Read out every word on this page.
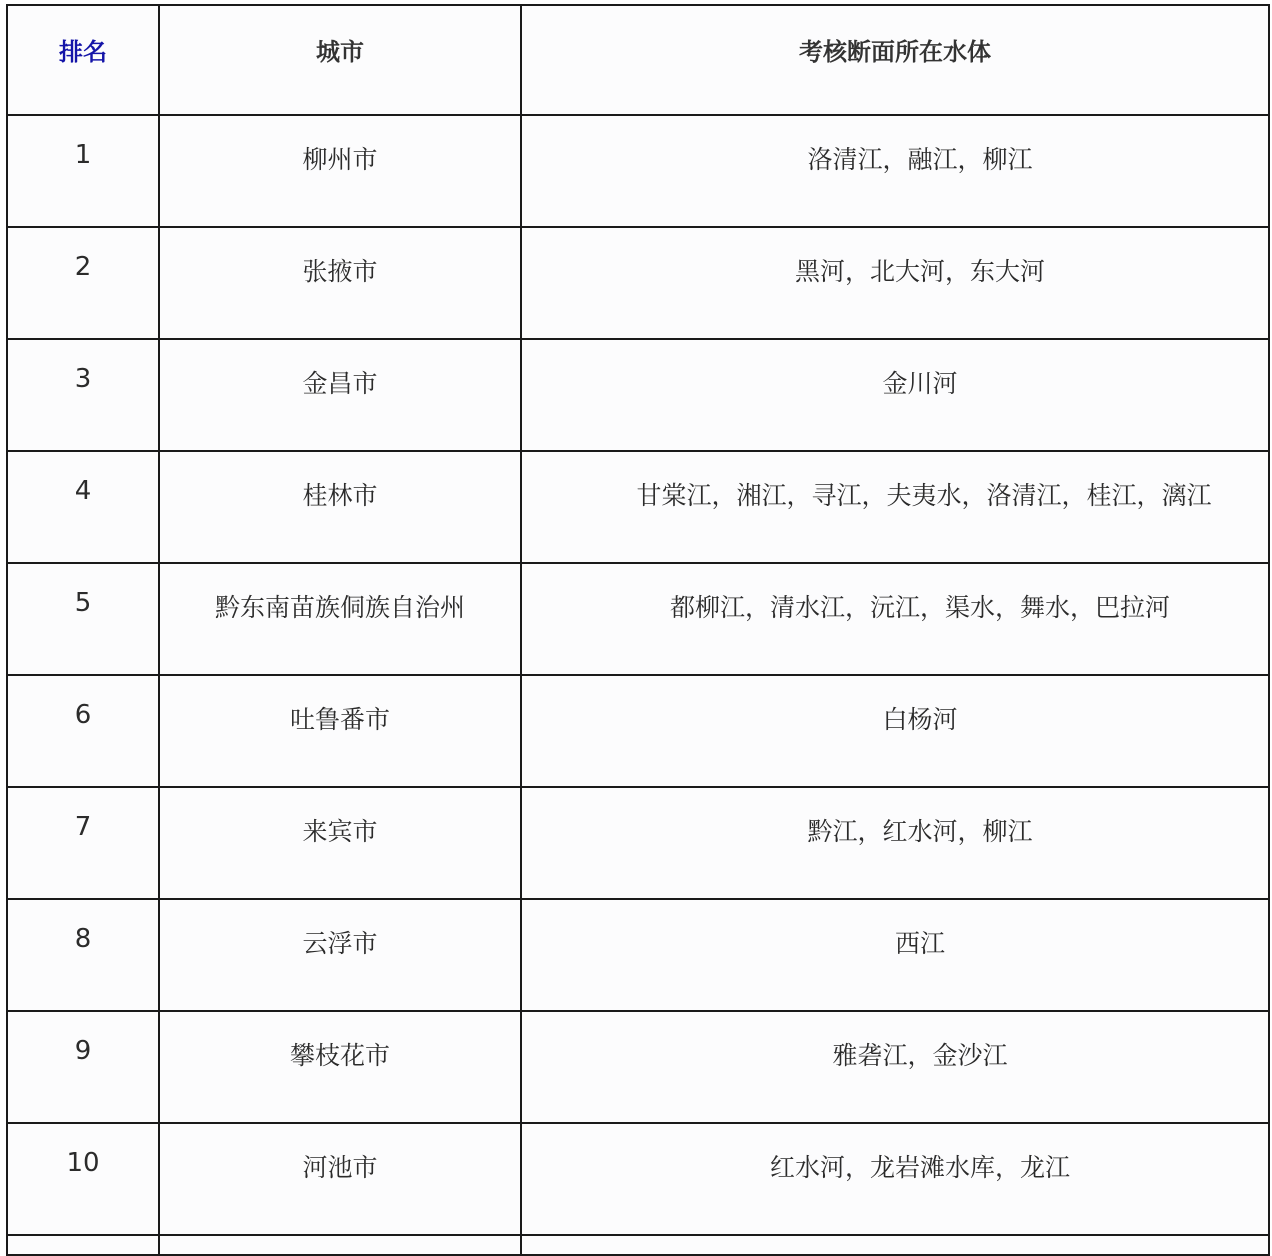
排名	城市	考核断面所在水体
1	柳州市	洛清江，融江，柳江
2	张掖市	黑河，北大河，东大河
3	金昌市	金川河
4	桂林市	甘棠江，湘江，寻江，夫夷水，洛清江，桂江，漓江
5	黔东南苗族侗族自治州	都柳江，清水江，沅江，渠水，舞水，巴拉河
6	吐鲁番市	白杨河
7	来宾市	黔江，红水河，柳江
8	云浮市	西江
9	攀枝花市	雅砻江，金沙江
10	河池市	红水河，龙岩滩水库，龙江
